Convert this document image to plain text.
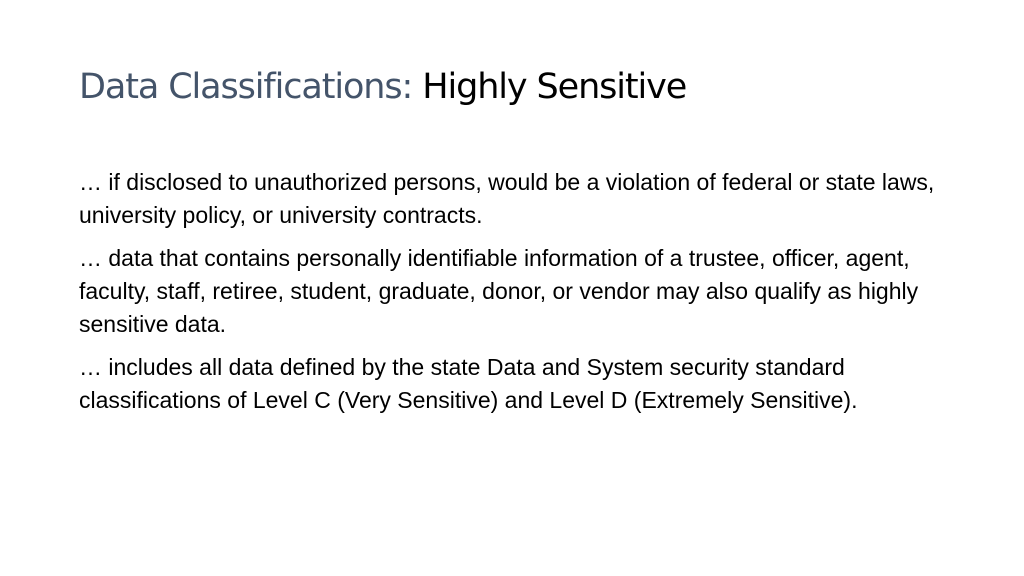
Data Classifications: Highly Sensitive

… if disclosed to unauthorized persons, would be a violation of federal or state laws, university policy, or university contracts.

… data that contains personally identifiable information of a trustee, officer, agent, faculty, staff, retiree, student, graduate, donor, or vendor may also qualify as highly sensitive data.

… includes all data defined by the state Data and System security standard classifications of Level C (Very Sensitive) and Level D (Extremely Sensitive).
